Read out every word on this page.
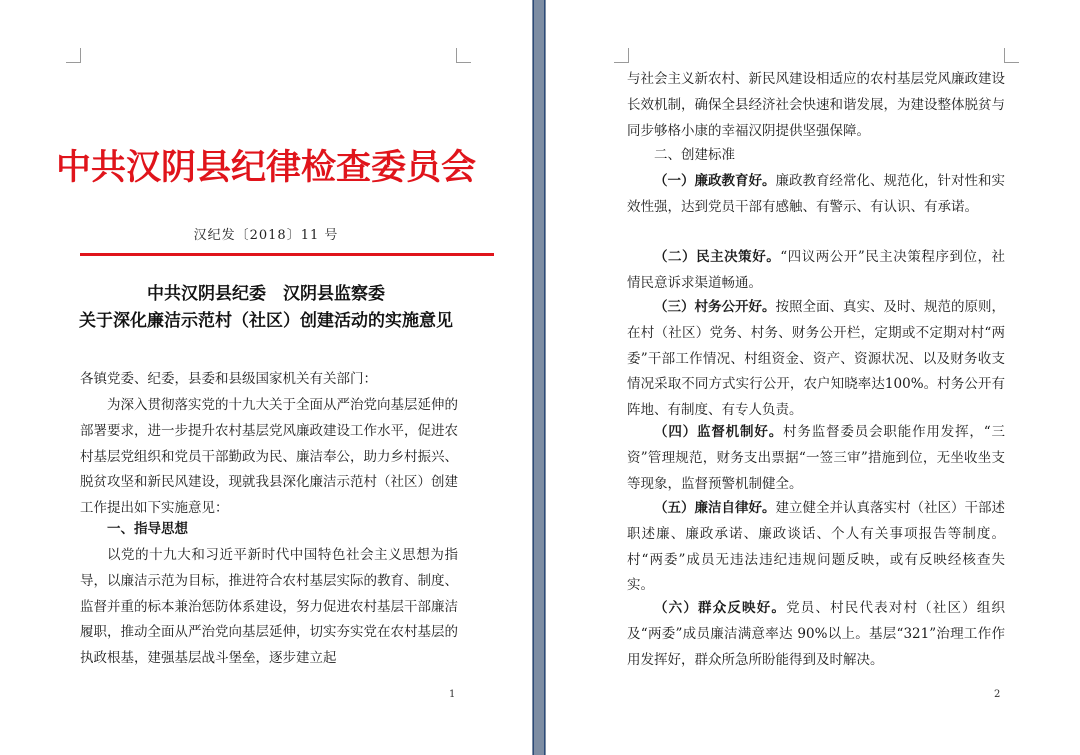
中共汉阴县纪律检查委员会
汉纪发〔2018〕11 号
中共汉阴县纪委　汉阴县监察委
关于深化廉洁示范村（社区）创建活动的实施意见

各镇党委、纪委，县委和县级国家机关有关部门：

为深入贯彻落实党的十九大关于全面从严治党向基层延伸的部署要求，进一步提升农村基层党风廉政建设工作水平，促进农村基层党组织和党员干部勤政为民、廉洁奉公，助力乡村振兴、脱贫攻坚和新民风建设，现就我县深化廉洁示范村（社区）创建工作提出如下实施意见：

一、指导思想

以党的十九大和习近平新时代中国特色社会主义思想为指导，以廉洁示范为目标，推进符合农村基层实际的教育、制度、监督并重的标本兼治惩防体系建设，努力促进农村基层干部廉洁履职，推动全面从严治党向基层延伸，切实夯实党在农村基层的执政根基，建强基层战斗堡垒，逐步建立起

1

与社会主义新农村、新民风建设相适应的农村基层党风廉政建设长效机制，确保全县经济社会快速和谐发展，为建设整体脱贫与同步够格小康的幸福汉阴提供坚强保障。

二、创建标准

（一）廉政教育好。廉政教育经常化、规范化，针对性和实效性强，达到党员干部有感触、有警示、有认识、有承诺。

（二）民主决策好。“四议两公开”民主决策程序到位，社情民意诉求渠道畅通。

（三）村务公开好。按照全面、真实、及时、规范的原则，在村（社区）党务、村务、财务公开栏，定期或不定期对村“两委”干部工作情况、村组资金、资产、资源状况、以及财务收支情况采取不同方式实行公开，农户知晓率达100%。村务公开有阵地、有制度、有专人负责。

（四）监督机制好。村务监督委员会职能作用发挥，“三资”管理规范，财务支出票据“一签三审”措施到位，无坐收坐支等现象，监督预警机制健全。

（五）廉洁自律好。建立健全并认真落实村（社区）干部述职述廉、廉政承诺、廉政谈话、个人有关事项报告等制度。村“两委”成员无违法违纪违规问题反映，或有反映经核查失实。

（六）群众反映好。党员、村民代表对村（社区）组织及“两委”成员廉洁满意率达 90%以上。基层“321”治理工作作用发挥好，群众所急所盼能得到及时解决。

2
